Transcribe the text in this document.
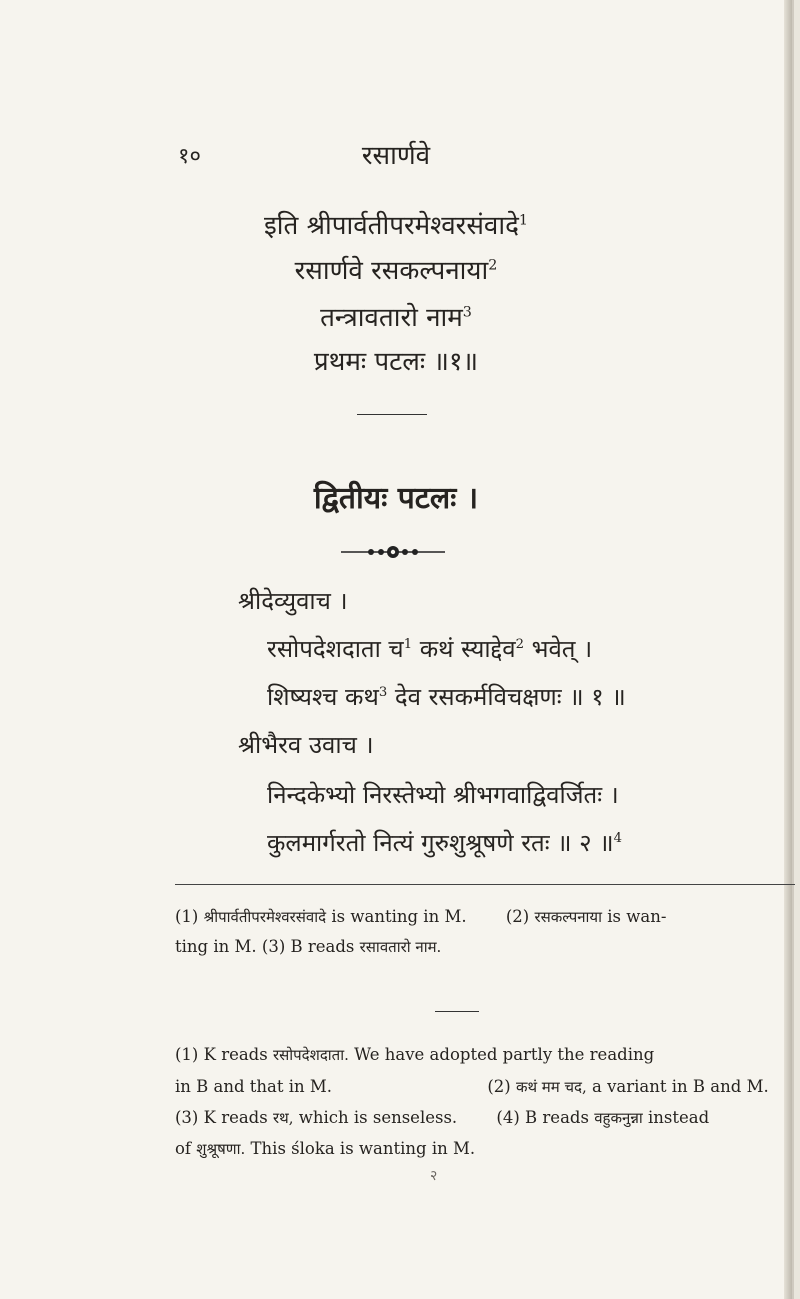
१०	रसार्णवे
इति श्रीपार्वतीपरमेश्वरसंवादे$^1$
रसार्णवे रसकल्पनाया$^2$
तन्त्रावतारो नाम$^3$
प्रथमः पटलः ॥१॥
द्वितीयः पटलः ।
श्रीदेव्युवाच ।
रसोपदेशदाता च$^1$ कथं स्याद्देव$^2$ भवेत् ।
शिष्यश्च कथ$^3$ देव रसकर्मविचक्षणः ॥ १ ॥
श्रीभैरव उवाच ।
निन्दकेभ्यो निरस्तेभ्यो श्रीभगवाद्विवर्जितः ।
कुलमार्गरतो नित्यं गुरुशुश्रूषणे रतः ॥ २ ॥$^4$
(1) श्रीपार्वतीपरमेश्वरसंवादे is wanting in M. (2) रसकल्पनाया is wan-
ting in M. (3) B reads रसावतारो नाम.
(1) K reads रसोपदेशदाता. We have adopted partly the reading
in B and that in M.	(2) कथं मम चद, a variant in B and M.
(3) K reads रथ, which is senseless. (4) B reads वहुकनुन्ना instead
of शुश्रूषणा. This śloka is wanting in M.
२
